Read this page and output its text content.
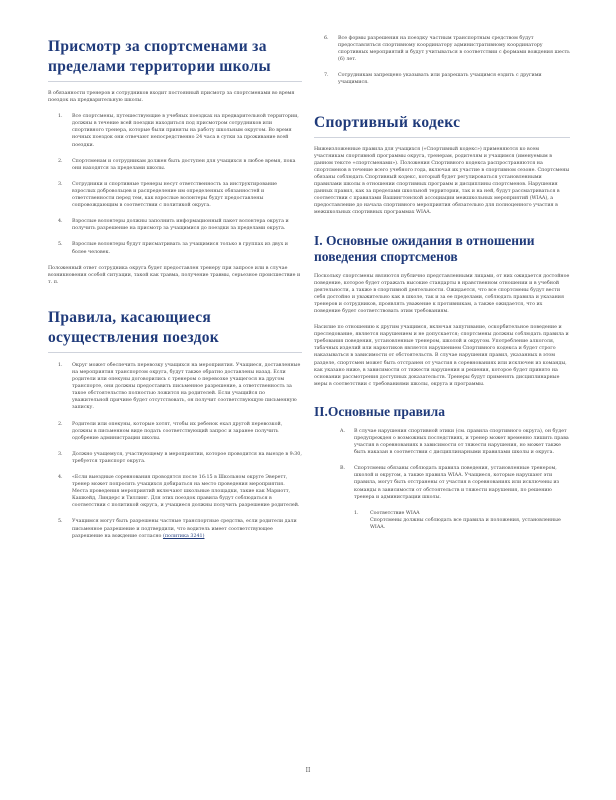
Присмотр за спортсменами за пределами территории школы

В обязанности тренеров и сотрудников входит постоянный присмотр за спортсменами во время поездок на предварительную школы.

1. Все спортсмены, путешествующие в учебных поездках на предварительной территории, должны в течение всей поездки находиться под присмотром сотрудников или спортивного тренера, которые были приняты на работу школьным округом. Во время ночных поездок они отвечают непосредственно 24 часа в сутки за проживание всей поездки.
2. Спортсменам и сотрудникам должен быть доступен для учащихся в любое время, пока они находятся за пределами школы.
3. Сотрудники и спортивные тренеры несут ответственность за инструктирование взрослых добровольцев и распределение им определенных обязанностей и ответственности перед тем, как взрослые волонтеры будут предоставлены сопровождающим в соответствии с политикой округа.
4. Взрослые волонтеры должны заполнить информационный пакет волонтера округа и получить разрешение на присмотр за учащимися до поездки за пределами округа.
5. Взрослые волонтеры будут присматривать за учащимися только в группах из двух и более человек.

Положенный ответ сотрудника округа будет предоставлен тренеру при запросе или в случае возникновения особой ситуации, такой как травма, получение травмы, серьезное происшествие и т. п.

Правила, касающиеся осуществления поездок
1. Округ может обеспечить перевозку учащихся на мероприятия. Учащиеся, доставленные на мероприятия транспортом округа, будут также обратно доставлены назад. Если родители или опекуны договорились с тренером о перевозке учащегося на другом транспорте, они должны предоставить письменное разрешение, а ответственность за такое обстоятельство полностью ложится на родителей. Если учащийся по уважительной причине будет отсутствовать, он получит соответствующую письменную записку.
2. Родители или опекуны, которые хотят, чтобы их ребенок ехал другой перевозкой, должны в письменном виде подать соответствующий запрос и заранее получить одобрение администрации школы.
3. Должно учащемуся, участвующему в мероприятии, которое проводится на выезде в 9:30, требуется транспорт округа.
4. «Если выездные соревнования проводятся после 16:15 в Школьном округе Эверетт, тренер может попросить учащихся добираться на место проведения мероприятия. Места проведения мероприятий включают школьные площадки, такие как Мариотт, Кашкейд, Линдерс и Тиллинг. Для этих поездок правила будут соблюдаться в соответствии с политикой округа, и учащиеся должны получить разрешение родителей.
5. Учащимся могут быть разрешены частные транспортные средства, если родители дали письменное разрешение и подтвердили, что водитель имеет соответствующее разрешение на вождение согласно (политика 3241)
6. Все формы разрешения на поездку частным транспортным средством будут предоставляться спортивному координатору административному координатору спортивных мероприятий и будут учитываться в соответствии с формами вождения шесть (6) лет.
7. Сотрудникам запрещено указывать или разрешать учащимся ездить с другими учащимися.
Спортивный кодекс

Нижеизложенные правила для учащихся («Спортивный кодекс») применяются ко всем участникам спортивной программы округа, тренерам, родителям и учащимся (именуемым в данном тексте «спортсменами»). Положения Спортивного кодекса распространяются на спортсменов в течение всего учебного года, включая их участие в спортивном сезоне. Спортсмены обязаны соблюдать Спортивный кодекс, который будет регулироваться установленными правилами школы в отношении спортивных программ и дисциплины спортсменов. Нарушения данных правил, как за пределами школьной территории, так и на ней, будут рассматриваться в соответствии с правилами Вашингтонской ассоциации межшкольных мероприятий (WIAA), а предоставление до начала спортивного мероприятия обязательно для полноценного участия в межшкольных спортивных программах WIAA.

I. Основные ожидания в отношении поведения спортсменов

Поскольку спортсмены являются публично представленными лицами, от них ожидается достойное поведение, которое будет отражать высокие стандарты в нравственном отношении и в учебной деятельности, а также в спортивной деятельности. Ожидается, что все спортсмены будут вести себя достойно и уважительно как в школе, так и за ее пределами, соблюдать правила и указания тренеров и сотрудников, проявлять уважение к противникам, а также ожидается, что их поведение будет соответствовать этим требованиям.

Насилие по отношению к другим учащимся, включая запугивание, оскорбительное поведение и преследование, является нарушением и не допускается; спортсмены должны соблюдать правила и требования поведения, установленные тренером, школой и округом. Употребление алкоголя, табачных изделий или наркотиков является нарушением Спортивного кодекса и будет строго наказываться в зависимости от обстоятельств. В случае нарушения правил, указанных в этом разделе, спортсмен может быть отстранен от участия в соревнованиях или исключен из команды, как указано ниже, в зависимости от тяжести нарушения и решения, которое будет принято на основании рассмотрения доступных доказательств. Тренеры будут применять дисциплинарные меры в соответствии с требованиями школы, округа и программы.

II.Основные правила
A. В случае нарушения спортивной этики (см. правила спортивного округа), он будет предупрежден о возможных последствиях, и тренер может временно лишить права участия в соревнованиях в зависимости от тяжести нарушения, но может также быть наказан в соответствии с дисциплинарными правилами школы и округа.
B. Спортсмены обязаны соблюдать правила поведения, установленные тренером, школой и округом, а также правила WIAA. Учащиеся, которые нарушают эти правила, могут быть отстранены от участия в соревнованиях или исключены из команды в зависимости от обстоятельств и тяжести нарушения, по решению тренера и администрации школы.
1. Соответствие WIAA
Спортсмены должны соблюдать все правила и положения, установленные WIAA.
II
